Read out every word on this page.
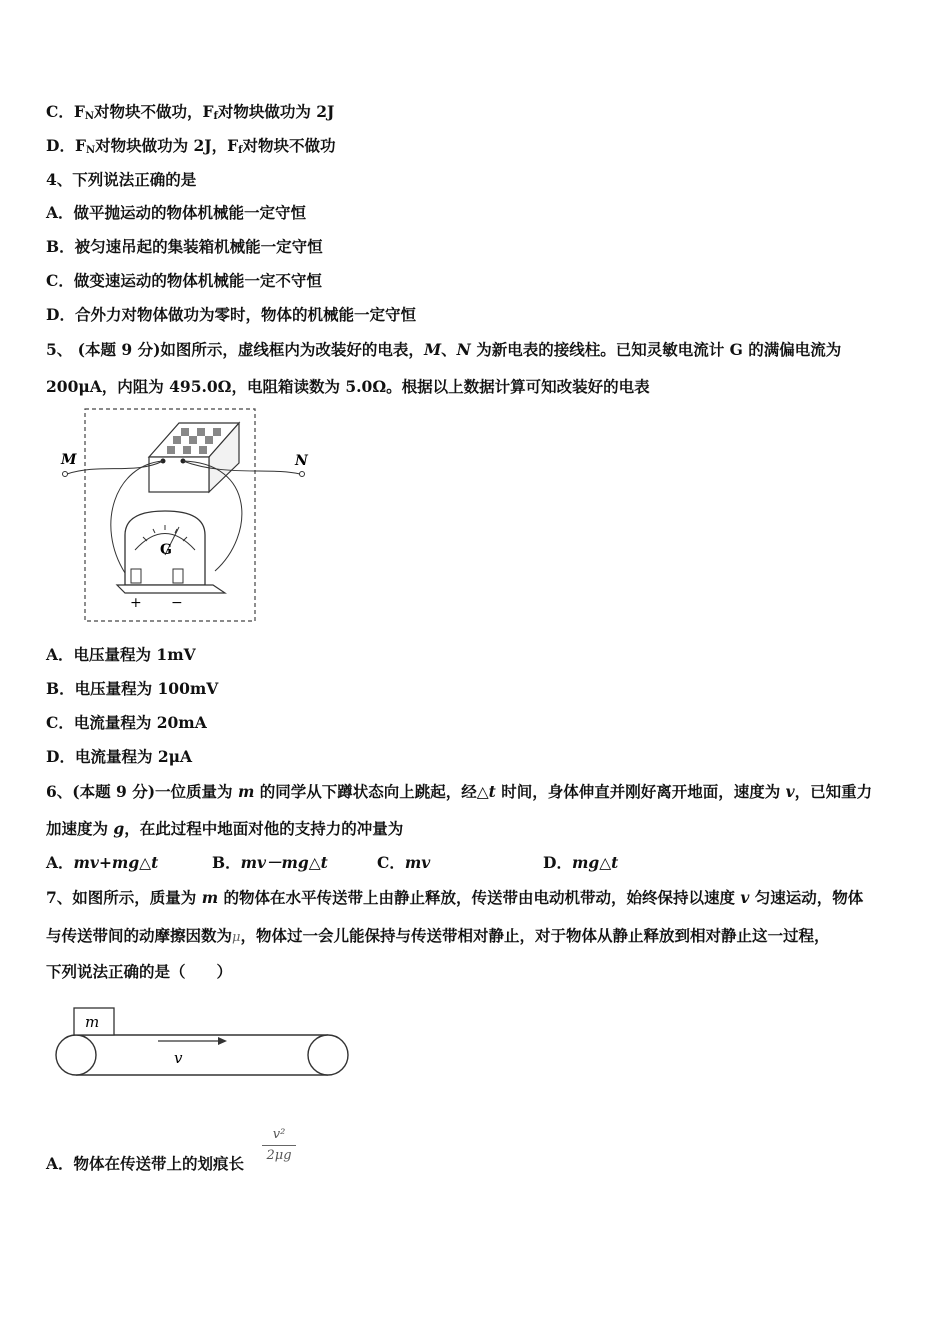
C．$F_N$对物块不做功，$F_f$对物块做功为 2J
D．$F_N$对物块做功为 2J，$F_f$对物块不做功
4、下列说法正确的是
A．做平抛运动的物体机械能一定守恒
B．被匀速吊起的集装箱机械能一定守恒
C．做变速运动的物体机械能一定不守恒
D．合外力对物体做功为零时，物体的机械能一定守恒
5、 (本题 9 分)如图所示，虚线框内为改装好的电表，M、N 为新电表的接线柱。已知灵敏电流计 G 的满偏电流为
200μA，内阻为 495.0Ω，电阻箱读数为 5.0Ω。根据以上数据计算可知改装好的电表
M	N
G
+ −
A．电压量程为 1mV
B．电压量程为 100mV
C．电流量程为 20mA
D．电流量程为 2μA
6、(本题 9 分)一位质量为 m 的同学从下蹲状态向上跳起，经△t 时间，身体伸直并刚好离开地面，速度为 v，已知重力
加速度为 g，在此过程中地面对他的支持力的冲量为
A．mv+mg△t	B．mv－mg△t	C．mv	D．mg△t
7、如图所示，质量为 m 的物体在水平传送带上由静止释放，传送带由电动机带动，始终保持以速度 v 匀速运动，物体
与传送带间的动摩擦因数为μ，物体过一会儿能保持与传送带相对静止，对于物体从静止释放到相对静止这一过程，
下列说法正确的是（　　）
m
v
A．物体在传送带上的划痕长
v²
2μg
